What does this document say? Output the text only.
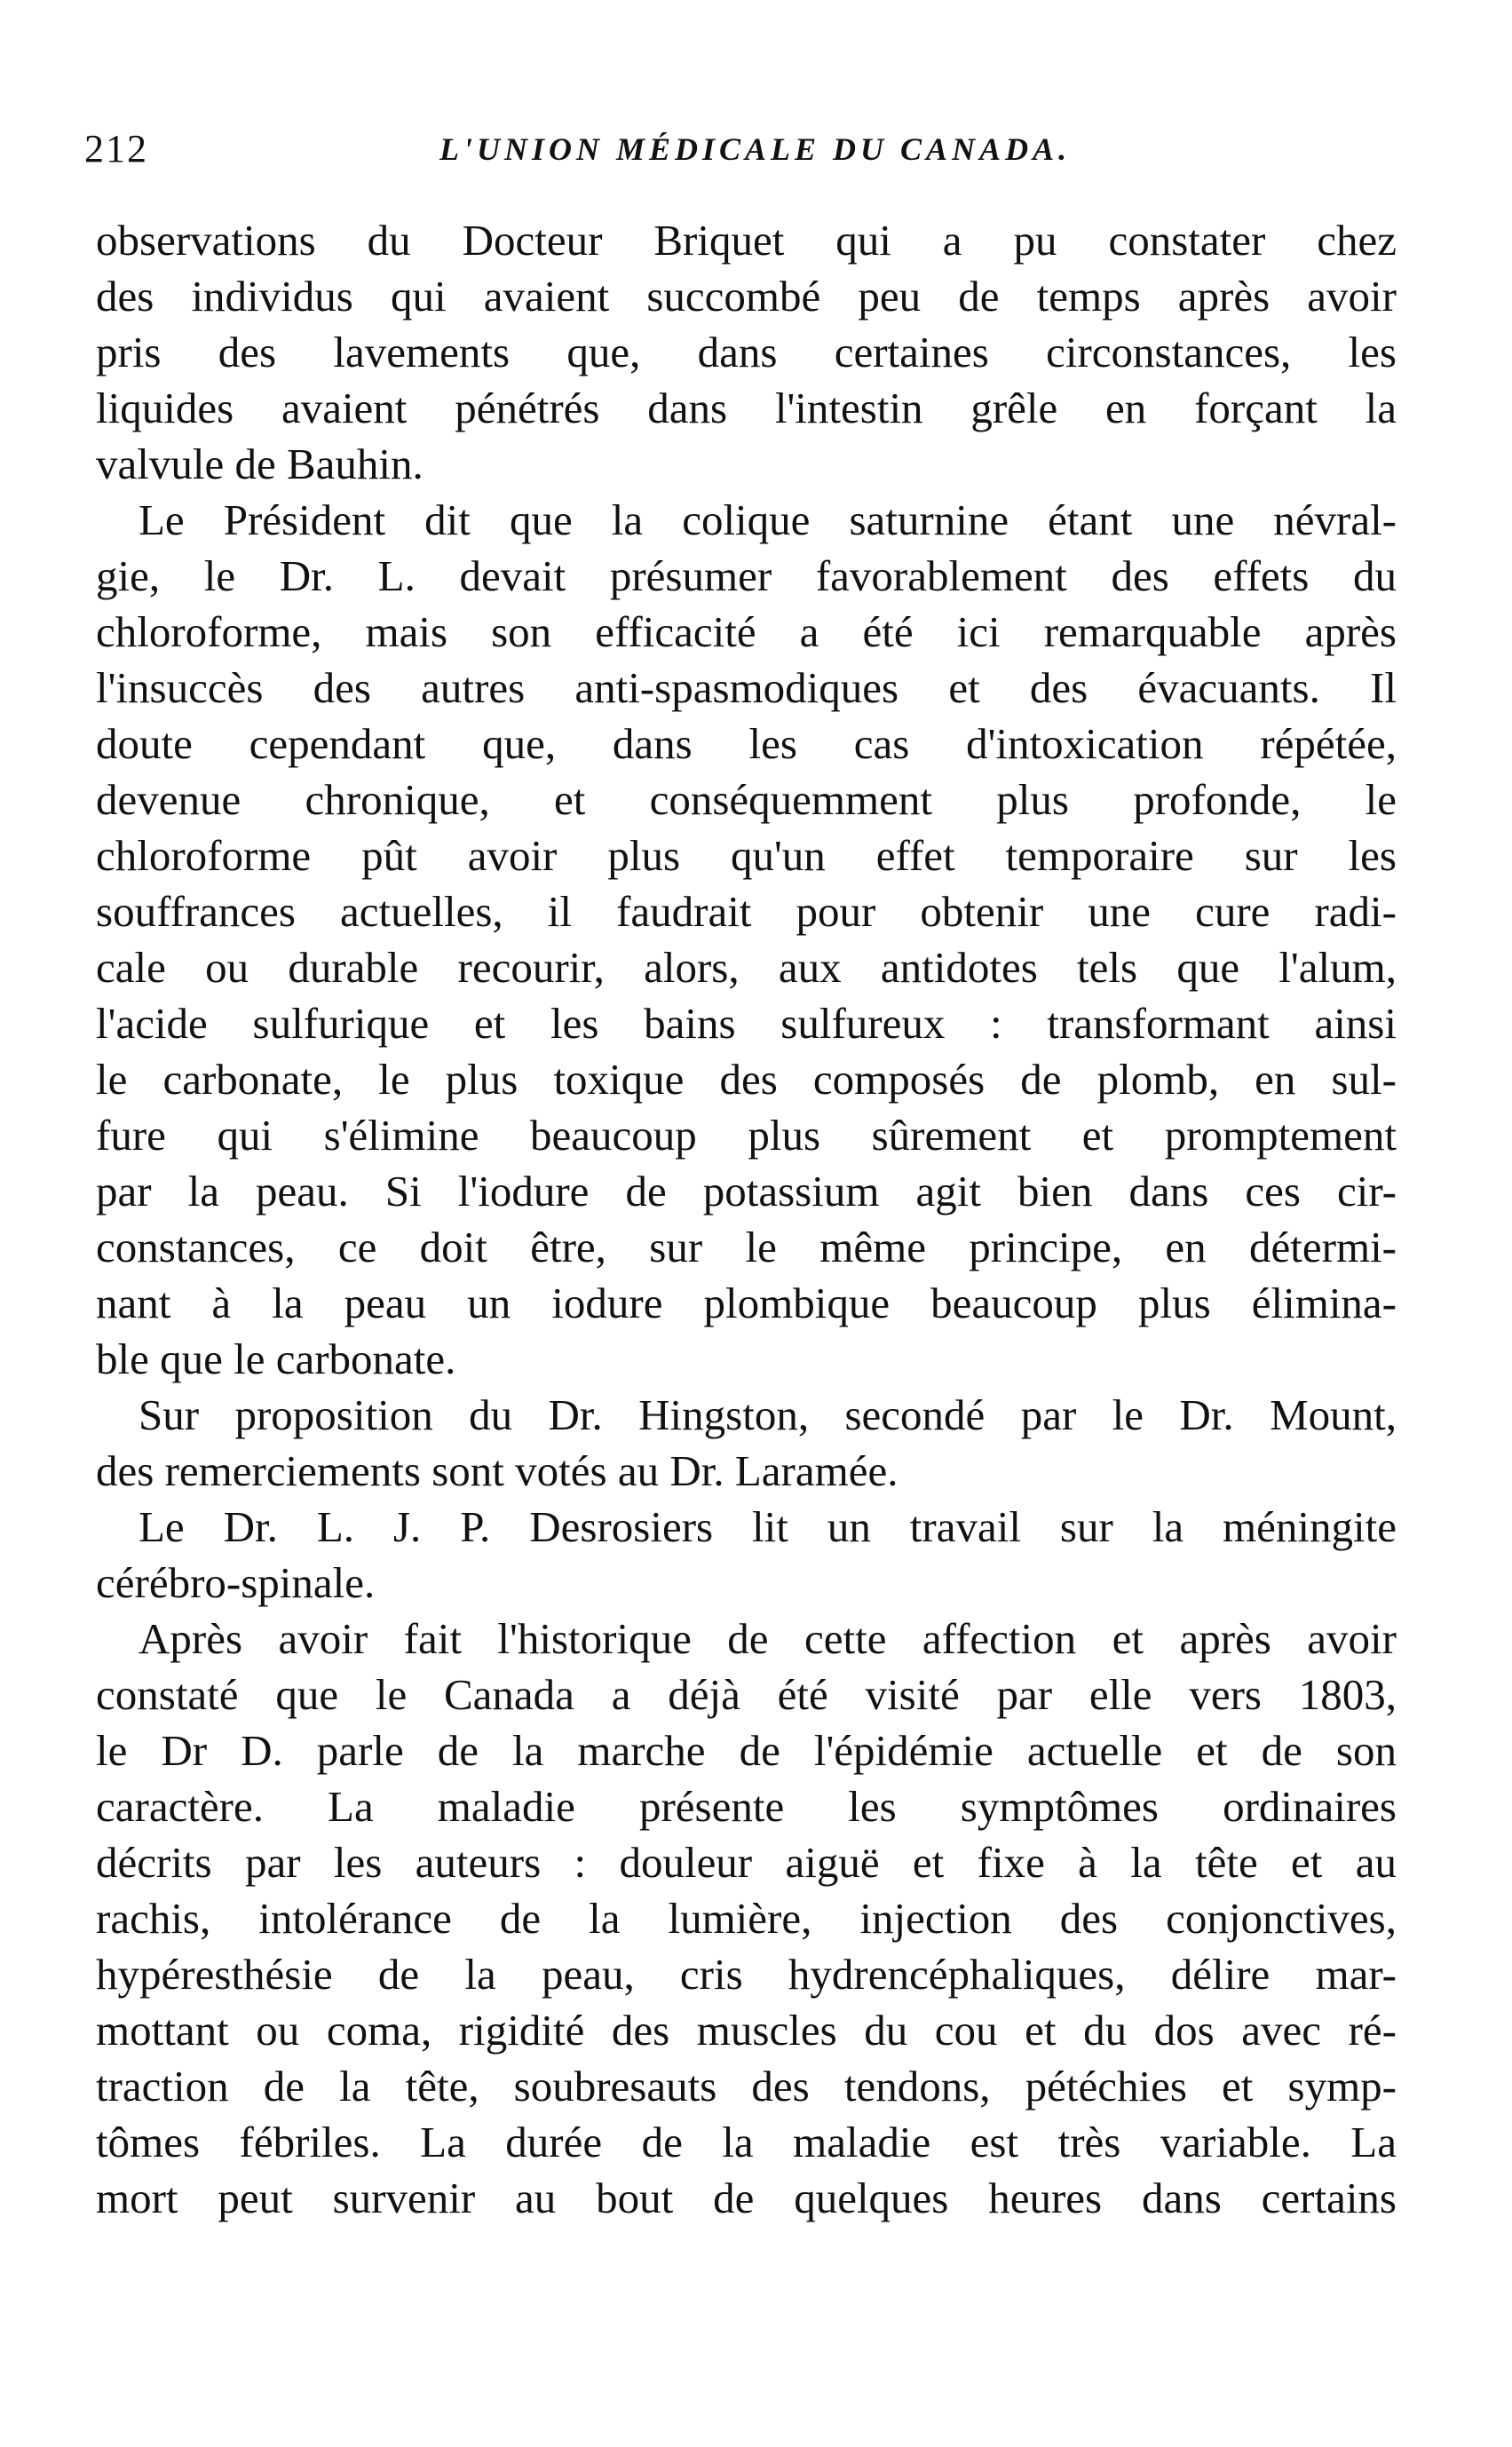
212	L'UNION MÉDICALE DU CANADA.
observations du Docteur Briquet qui a pu constater chez
des individus qui avaient succombé peu de temps après avoir
pris des lavements que, dans certaines circonstances, les
liquides avaient pénétrés dans l'intestin grêle en forçant la
valvule de Bauhin.
Le Président dit que la colique saturnine étant une névral-
gie, le Dr. L. devait présumer favorablement des effets du
chloroforme, mais son efficacité a été ici remarquable après
l'insuccès des autres anti-spasmodiques et des évacuants. Il
doute cependant que, dans les cas d'intoxication répétée,
devenue chronique, et conséquemment plus profonde, le
chloroforme pût avoir plus qu'un effet temporaire sur les
souffrances actuelles, il faudrait pour obtenir une cure radi-
cale ou durable recourir, alors, aux antidotes tels que l'alum,
l'acide sulfurique et les bains sulfureux : transformant ainsi
le carbonate, le plus toxique des composés de plomb, en sul-
fure qui s'élimine beaucoup plus sûrement et promptement
par la peau. Si l'iodure de potassium agit bien dans ces cir-
constances, ce doit être, sur le même principe, en détermi-
nant à la peau un iodure plombique beaucoup plus élimina-
ble que le carbonate.
Sur proposition du Dr. Hingston, secondé par le Dr. Mount,
des remerciements sont votés au Dr. Laramée.
Le Dr. L. J. P. Desrosiers lit un travail sur la méningite
cérébro-spinale.
Après avoir fait l'historique de cette affection et après avoir
constaté que le Canada a déjà été visité par elle vers 1803,
le Dr D. parle de la marche de l'épidémie actuelle et de son
caractère. La maladie présente les symptômes ordinaires
décrits par les auteurs : douleur aiguë et fixe à la tête et au
rachis, intolérance de la lumière, injection des conjonctives,
hypéresthésie de la peau, cris hydrencéphaliques, délire mar-
mottant ou coma, rigidité des muscles du cou et du dos avec ré-
traction de la tête, soubresauts des tendons, pétéchies et symp-
tômes fébriles. La durée de la maladie est très variable. La
mort peut survenir au bout de quelques heures dans certains
